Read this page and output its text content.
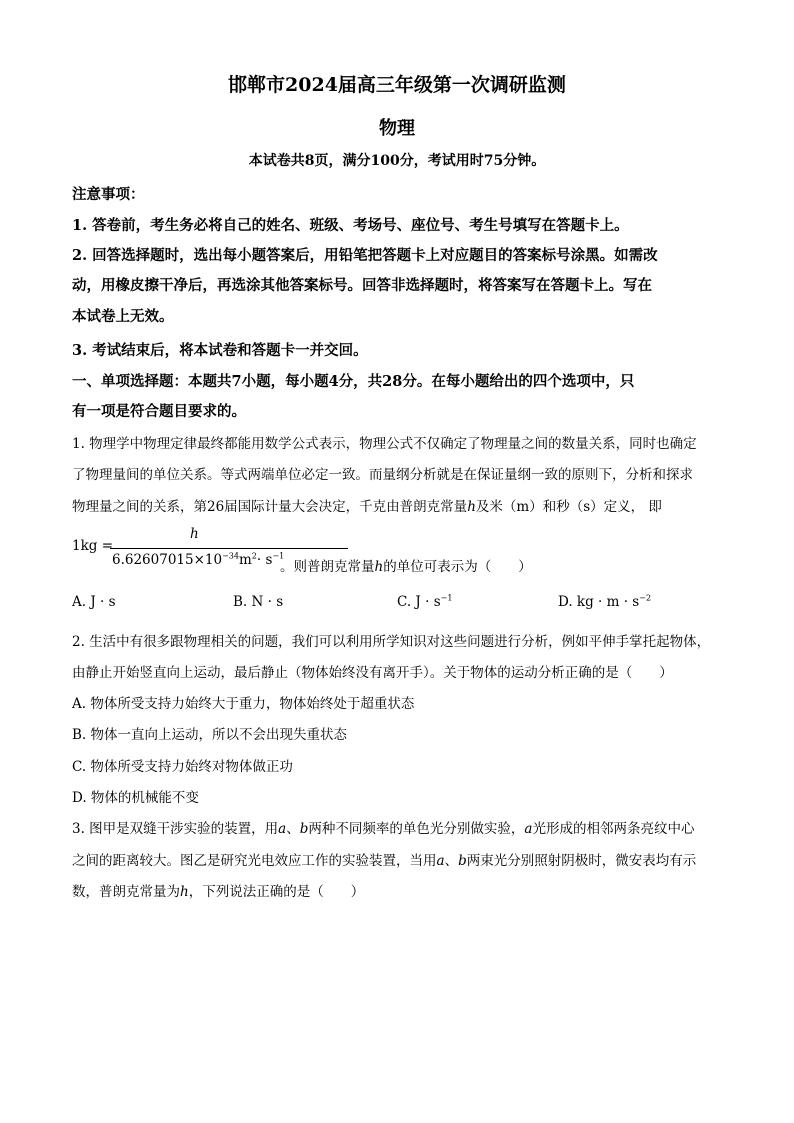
邯郸市2024届高三年级第一次调研监测
物理
本试卷共8页，满分100分，考试用时75分钟。
注意事项：
1. 答卷前，考生务必将自己的姓名、班级、考场号、座位号、考生号填写在答题卡上。
2. 回答选择题时，选出每小题答案后，用铅笔把答题卡上对应题目的答案标号涂黑。如需改
动，用橡皮擦干净后，再选涂其他答案标号。回答非选择题时，将答案写在答题卡上。写在
本试卷上无效。
3. 考试结束后，将本试卷和答题卡一并交回。
一、单项选择题：本题共7小题，每小题4分，共28分。在每小题给出的四个选项中，只
有一项是符合题目要求的。
1. 物理学中物理定律最终都能用数学公式表示，物理公式不仅确定了物理量之间的数量关系，同时也确定
了物理量间的单位关系。等式两端单位必定一致。而量纲分析就是在保证量纲一致的原则下，分析和探求
物理量之间的关系，第26届国际计量大会决定，千克由普朗克常量h及米（m）和秒（s）定义， 即
1kg =
h
$6.62607015\times 10^{-34}m^2\cdot s^{-1}$
。则普朗克常量h的单位可表示为（　　）
A. J · s	B. N · s	C. $J \cdot s^{-1}$	D. kg · $m \cdot s^{-2}$
2. 生活中有很多跟物理相关的问题，我们可以利用所学知识对这些问题进行分析，例如平伸手掌托起物体，
由静止开始竖直向上运动，最后静止（物体始终没有离开手）。关于物体的运动分析正确的是（　　）
A. 物体所受支持力始终大于重力，物体始终处于超重状态
B. 物体一直向上运动，所以不会出现失重状态
C. 物体所受支持力始终对物体做正功
D. 物体的机械能不变
3. 图甲是双缝干涉实验的装置，用a、b两种不同频率的单色光分别做实验，a光形成的相邻两条亮纹中心
之间的距离较大。图乙是研究光电效应工作的实验装置，当用a、b两束光分别照射阴极时，微安表均有示
数，普朗克常量为h，下列说法正确的是（　　）
